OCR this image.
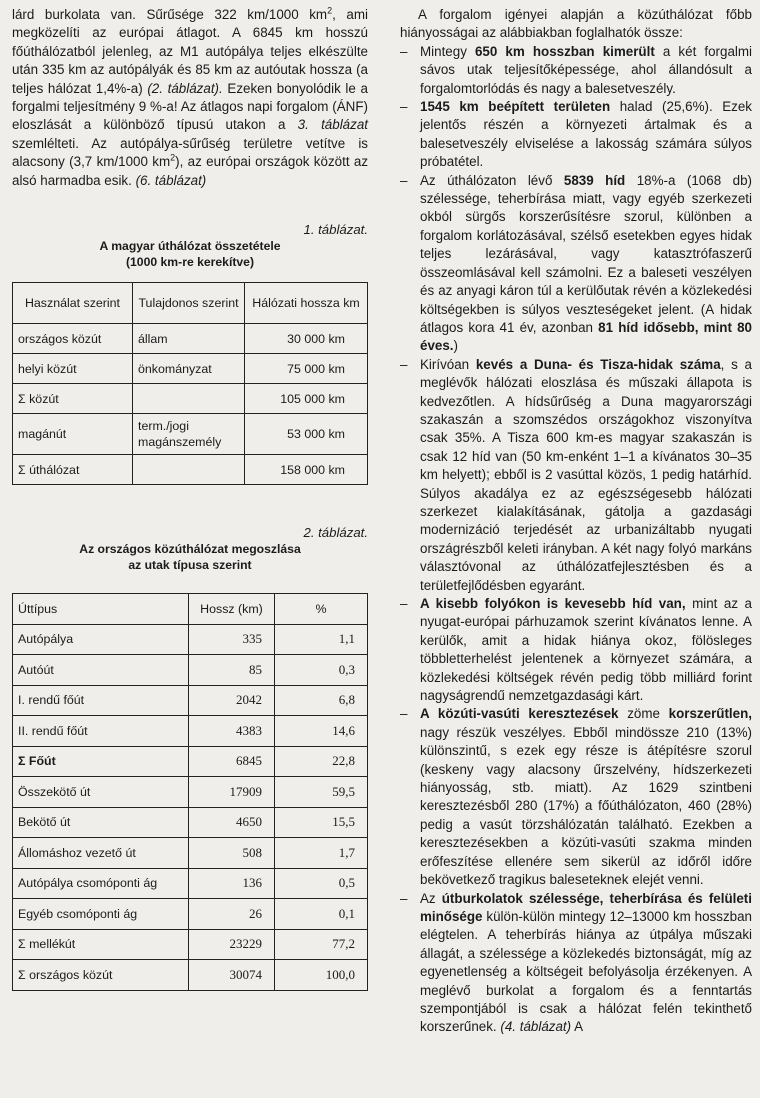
lárd burkolata van. Sűrűsége 322 km/1000 $km^2$, ami megközelíti az európai átlagot. A 6845 km hosszú főúthálózatból jelenleg, az M1 autópálya teljes elkészülte után 335 km az autópályák és 85 km az autóutak hossza (a teljes hálózat 1,4%-a) (2. táblázat). Ezeken bonyolódik le a forgalmi teljesítmény 9 %-a! Az átlagos napi forgalom (ÁNF) eloszlását a különböző típusú utakon a 3. táblázat szemlélteti. Az autópálya-sűrűség területre vetítve is alacsony (3,7 km/1000 $km^2$), az európai országok között az alsó harmadba esik. (6. táblázat)

1. táblázat.

A magyar úthálózat összetétele
(1000 km-re kerekítve)

Használat szerint	Tulajdonos szerint	Hálózati hossza km
országos közút	állam	30 000 km
helyi közút	önkományzat	75 000 km
Σ közút		105 000 km
magánút	term./jogi magánszemély	53 000 km
Σ úthálózat		158 000 km

2. táblázat.

Az országos közúthálózat megoszlása
az utak típusa szerint

Úttípus	Hossz (km)	%
Autópálya	335	1,1
Autóút	85	0,3
I. rendű főút	2042	6,8
II. rendű főút	4383	14,6
Σ Főút	6845	22,8
Összekötő út	17909	59,5
Bekötő út	4650	15,5
Állomáshoz vezető út	508	1,7
Autópálya csomóponti ág	136	0,5
Egyéb csomóponti ág	26	0,1
Σ mellékút	23229	77,2
Σ országos közút	30074	100,0

A forgalom igényei alapján a közúthálózat főbb hiányosságai az alábbiakban foglalhatók össze:

– Mintegy 650 km hosszban kimerült a két forgalmi sávos utak teljesítőképessége, ahol állandósult a forgalomtorlódás és nagy a balesetveszély.

– 1545 km beépített területen halad (25,6%). Ezek jelentős részén a környezeti ártalmak és a balesetveszély elviselése a lakosság számára súlyos próbatétel.

– Az úthálózaton lévő 5839 híd 18%-a (1068 db) szélessége, teherbírása miatt, vagy egyéb szerkezeti okból sürgős korszerűsítésre szorul, különben a forgalom korlátozásával, szélső esetekben egyes hidak teljes lezárásával, vagy katasztrófaszerű összeomlásával kell számolni. Ez a baleseti veszélyen és az anyagi káron túl a kerülőutak révén a közlekedési költségekben is súlyos veszteségeket jelent. (A hidak átlagos kora 41 év, azonban 81 híd idősebb, mint 80 éves.)

– Kirívóan kevés a Duna- és Tisza-hidak száma, s a meglévők hálózati eloszlása és műszaki állapota is kedvezőtlen. A hídsűrűség a Duna magyarországi szakaszán a szomszédos országokhoz viszonyítva csak 35%. A Tisza 600 km-es magyar szakaszán is csak 12 híd van (50 km-enként 1–1 a kívánatos 30–35 km helyett); ebből is 2 vasúttal közös, 1 pedig határhíd. Súlyos akadálya ez az egészségesebb hálózati szerkezet kialakításának, gátolja a gazdasági modernizáció terjedését az urbanizáltabb nyugati országrészből keleti irányban. A két nagy folyó markáns választóvonal az úthálózatfejlesztésben és a területfejlődésben egyaránt.

– A kisebb folyókon is kevesebb híd van, mint az a nyugat-európai párhuzamok szerint kívánatos lenne. A kerülők, amit a hidak hiánya okoz, fölösleges többletterhelést jelentenek a környezet számára, a közlekedési költségek révén pedig több milliárd forint nagyságrendű nemzetgazdasági kárt.

– A közúti-vasúti keresztezések zöme korszerűtlen, nagy részük veszélyes. Ebből mindössze 210 (13%) különszintű, s ezek egy része is átépítésre szorul (keskeny vagy alacsony űrszelvény, hídszerkezeti hiányosság, stb. miatt). Az 1629 szintbeni keresztezésből 280 (17%) a főúthálózaton, 460 (28%) pedig a vasút törzshálózatán található. Ezekben a keresztezésekben a közúti-vasúti szakma minden erőfeszítése ellenére sem sikerül az időről időre bekövetkező tragikus baleseteknek elejét venni.

– Az útburkolatok szélessége, teherbírása és felületi minősége külön-külön mintegy 12–13000 km hosszban elégtelen. A teherbírás hiánya az útpálya műszaki állagát, a szélessége a közlekedés biztonságát, míg az egyenetlenség a költségeit befolyásolja érzékenyen. A meglévő burkolat a forgalom és a fenntartás szempontjából is csak a hálózat felén tekinthető korszerűnek. (4. táblázat) A
